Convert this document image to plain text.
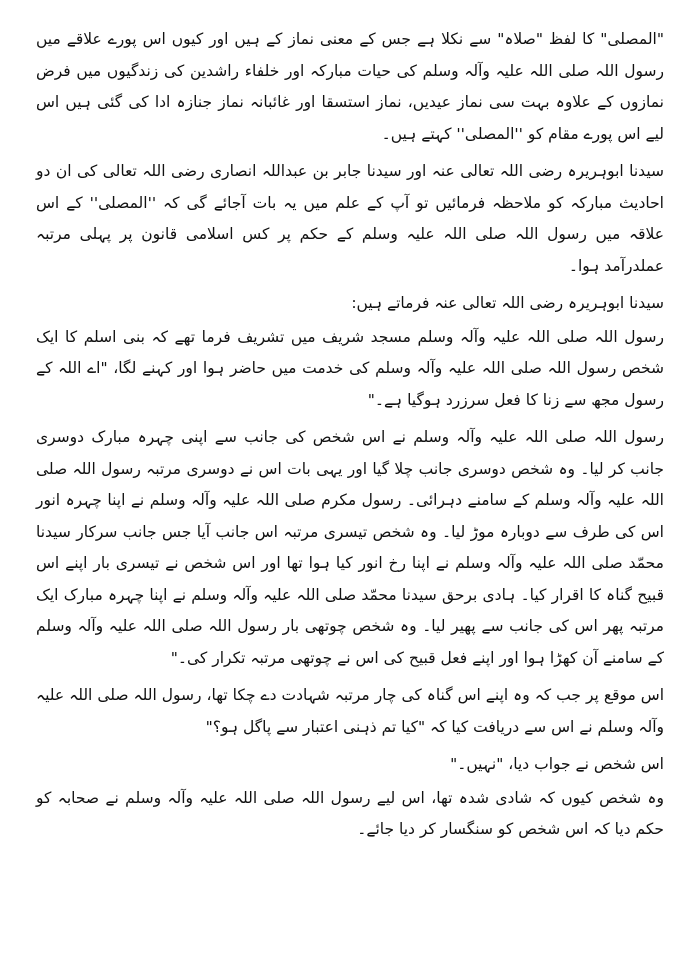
"المصلی" کا لفظ "صلاہ" سے نکلا ہے جس کے معنی نماز کے ہیں اور کیوں اس پورے علاقے میں رسول اللہ صلی اللہ علیہ وآلہ وسلم کی حیات مبارکہ اور خلفاء راشدین کی زندگیوں میں فرض نمازوں کے علاوہ بہت سی نماز عیدیں، نماز استسقا اور غائبانہ نماز جنازہ ادا کی گئی ہیں اس لیے اس پورے مقام کو ''المصلی'' کہتے ہیں۔

سیدنا ابوہریرہ رضی اللہ تعالی عنہ اور سیدنا جابر بن عبداللہ انصاری رضی اللہ تعالی کی ان دو احادیث مبارکہ کو ملاحظہ فرمائیں تو آپ کے علم میں یہ بات آجائے گی کہ ''المصلی'' کے اس علاقہ میں رسول اللہ صلی اللہ علیہ وسلم کے حکم پر کس اسلامی قانون پر پہلی مرتبہ عملدرآمد ہوا۔

سیدنا ابوہریرہ رضی اللہ تعالی عنہ فرماتے ہیں:

رسول اللہ صلی اللہ علیہ وآلہ وسلم مسجد شریف میں تشریف فرما تھے کہ بنی اسلم کا ایک شخص رسول اللہ صلی اللہ علیہ وآلہ وسلم کی خدمت میں حاضر ہوا اور کہنے لگا، "اے اللہ کے رسول مجھ سے زنا کا فعل سرزرد ہوگیا ہے۔"

رسول اللہ صلی اللہ علیہ وآلہ وسلم نے اس شخص کی جانب سے اپنی چہرہ مبارک دوسری جانب کر لیا۔ وہ شخص دوسری جانب چلا گیا اور یہی بات اس نے دوسری مرتبہ رسول اللہ صلی اللہ علیہ وآلہ وسلم کے سامنے دہرائی۔ رسول مکرم صلی اللہ علیہ وآلہ وسلم نے اپنا چہرہ انور اس کی طرف سے دوبارہ موڑ لیا۔ وہ شخص تیسری مرتبہ اس جانب آیا جس جانب سرکار سیدنا محمّد صلی اللہ علیہ وآلہ وسلم نے اپنا رخ انور کیا ہوا تھا اور اس شخص نے تیسری بار اپنے اس قبیح گناہ کا اقرار کیا۔ ہادی برحق سیدنا محمّد صلی اللہ علیہ وآلہ وسلم نے اپنا چہرہ مبارک ایک مرتبہ پھر اس کی جانب سے پھیر لیا۔ وہ شخص چوتھی بار رسول اللہ صلی اللہ علیہ وآلہ وسلم کے سامنے آن کھڑا ہوا اور اپنے فعل قبیح کی اس نے چوتھی مرتبہ تکرار کی۔"

اس موقع پر جب کہ وہ اپنے اس گناہ کی چار مرتبہ شہادت دے چکا تھا، رسول اللہ صلی اللہ علیہ وآلہ وسلم نے اس سے دریافت کیا کہ "کیا تم ذہنی اعتبار سے پاگل ہو؟"

اس شخص نے جواب دیا، "نہیں۔"

وہ شخص کیوں کہ شادی شدہ تھا، اس لیے رسول اللہ صلی اللہ علیہ وآلہ وسلم نے صحابہ کو حکم دیا کہ اس شخص کو سنگسار کر دیا جائے۔
